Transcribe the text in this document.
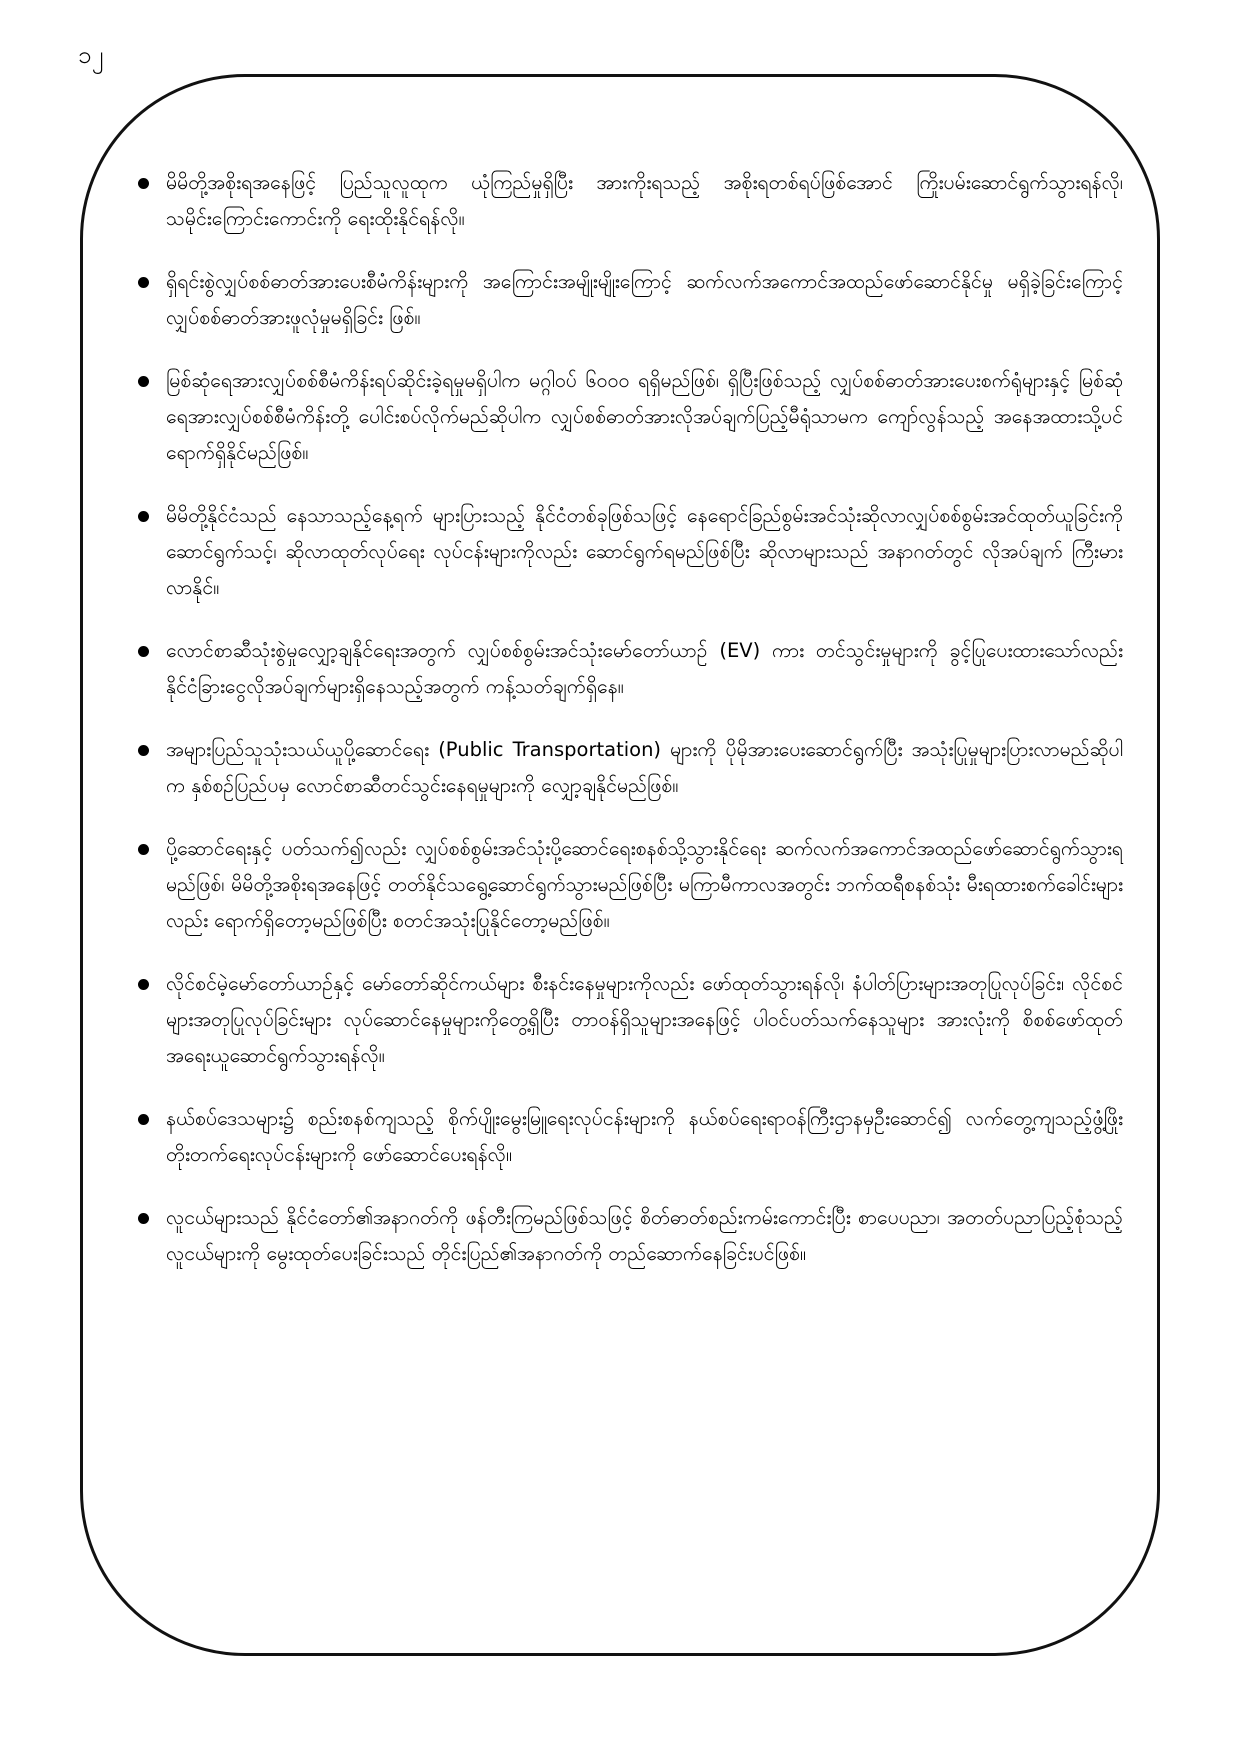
၁၂
မိမိတို့အစိုးရအနေဖြင့် ပြည်သူလူထုက ယုံကြည်မှုရှိပြီး အားကိုးရသည့် အစိုးရတစ်ရပ်ဖြစ်အောင် ကြိုးပမ်းဆောင်ရွက်သွားရန်လို၊ သမိုင်းကြောင်းကောင်းကို ရေးထိုးနိုင်ရန်လို။
ရှိရင်းစွဲလျှပ်စစ်ဓာတ်အားပေးစီမံကိန်းများကို အကြောင်းအမျိုးမျိုးကြောင့် ဆက်လက်အကောင်အထည်ဖော်ဆောင်နိုင်မှု မရှိခဲ့ခြင်းကြောင့် လျှပ်စစ်ဓာတ်အားဖူလုံမှုမရှိခြင်း ဖြစ်။
မြစ်ဆုံရေအားလျှပ်စစ်စီမံကိန်းရပ်ဆိုင်းခဲ့ရမှုမရှိပါက မဂ္ဂါဝပ် ၆၀၀၀ ရရှိမည်ဖြစ်၊ ရှိပြီးဖြစ်သည့် လျှပ်စစ်ဓာတ်အားပေးစက်ရုံများနှင့် မြစ်ဆုံရေအားလျှပ်စစ်စီမံကိန်းတို့ ပေါင်းစပ်လိုက်မည်ဆိုပါက လျှပ်စစ်ဓာတ်အားလိုအပ်ချက်ပြည့်မီရုံသာမက ကျော်လွန်သည့် အနေအထားသို့ပင် ရောက်ရှိနိုင်မည်ဖြစ်။
မိမိတို့နိုင်ငံသည် နေသာသည့်နေ့ရက် များပြားသည့် နိုင်ငံတစ်ခုဖြစ်သဖြင့် နေရောင်ခြည်စွမ်းအင်သုံးဆိုလာလျှပ်စစ်စွမ်းအင်ထုတ်ယူခြင်းကို ဆောင်ရွက်သင့်၊ ဆိုလာထုတ်လုပ်ရေး လုပ်ငန်းများကိုလည်း ဆောင်ရွက်ရမည်ဖြစ်ပြီး ဆိုလာများသည် အနာဂတ်တွင် လိုအပ်ချက် ကြီးမားလာနိုင်။
လောင်စာဆီသုံးစွဲမှုလျှော့ချနိုင်ရေးအတွက် လျှပ်စစ်စွမ်းအင်သုံးမော်တော်ယာဉ် (EV) ကား တင်သွင်းမှုများကို ခွင့်ပြုပေးထားသော်လည်း နိုင်ငံခြားငွေလိုအပ်ချက်များရှိနေသည့်အတွက် ကန့်သတ်ချက်ရှိနေ။
အများပြည်သူသုံးသယ်ယူပို့ဆောင်ရေး (Public Transportation) များကို ပိုမိုအားပေးဆောင်ရွက်ပြီး အသုံးပြုမှုများပြားလာမည်ဆိုပါက နှစ်စဉ်ပြည်ပမှ လောင်စာဆီတင်သွင်းနေရမှုများကို လျှော့ချနိုင်မည်ဖြစ်။
ပို့ဆောင်ရေးနှင့် ပတ်သက်၍လည်း လျှပ်စစ်စွမ်းအင်သုံးပို့ဆောင်ရေးစနစ်သို့သွားနိုင်ရေး ဆက်လက်အကောင်အထည်ဖော်ဆောင်ရွက်သွားရမည်ဖြစ်၊ မိမိတို့အစိုးရအနေဖြင့် တတ်နိုင်သရွေ့ဆောင်ရွက်သွားမည်ဖြစ်ပြီး မကြာမီကာလအတွင်း ဘက်ထရီစနစ်သုံး မီးရထားစက်ခေါင်းများလည်း ရောက်ရှိတော့မည်ဖြစ်ပြီး စတင်အသုံးပြုနိုင်တော့မည်ဖြစ်။
လိုင်စင်မဲ့မော်တော်ယာဉ်နှင့် မော်တော်ဆိုင်ကယ်များ စီးနင်းနေမှုများကိုလည်း ဖော်ထုတ်သွားရန်လို၊ နံပါတ်ပြားများအတုပြုလုပ်ခြင်း၊ လိုင်စင်များအတုပြုလုပ်ခြင်းများ လုပ်ဆောင်နေမှုများကိုတွေ့ရှိပြီး တာဝန်ရှိသူများအနေဖြင့် ပါဝင်ပတ်သက်နေသူများ အားလုံးကို စိစစ်ဖော်ထုတ်အရေးယူဆောင်ရွက်သွားရန်လို။
နယ်စပ်ဒေသများ၌ စည်းစနစ်ကျသည့် စိုက်ပျိုးမွေးမြူရေးလုပ်ငန်းများကို နယ်စပ်ရေးရာဝန်ကြီးဌာနမှဦးဆောင်၍ လက်တွေ့ကျသည့်ဖွံ့ဖြိုးတိုးတက်ရေးလုပ်ငန်းများကို ဖော်ဆောင်ပေးရန်လို။
လူငယ်များသည် နိုင်ငံတော်၏အနာဂတ်ကို ဖန်တီးကြမည်ဖြစ်သဖြင့် စိတ်ဓာတ်စည်းကမ်းကောင်းပြီး စာပေပညာ၊ အတတ်ပညာပြည့်စုံသည့် လူငယ်များကို မွေးထုတ်ပေးခြင်းသည် တိုင်းပြည်၏အနာဂတ်ကို တည်ဆောက်နေခြင်းပင်ဖြစ်။
